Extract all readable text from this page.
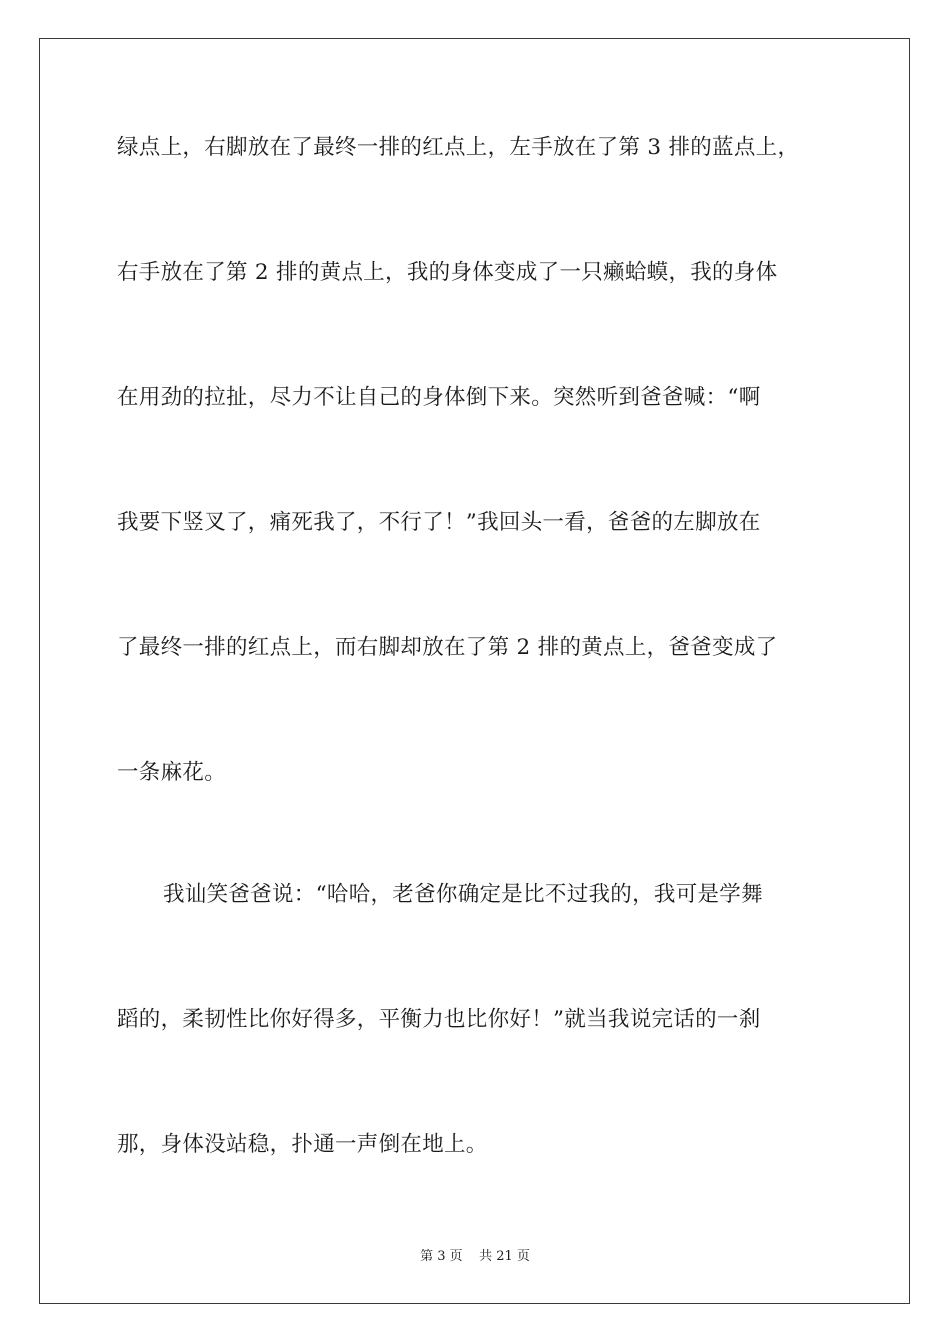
绿点上，右脚放在了最终一排的红点上，左手放在了第 3 排的蓝点上，
右手放在了第 2 排的黄点上，我的身体变成了一只癞蛤蟆，我的身体
在用劲的拉扯，尽力不让自己的身体倒下来。突然听到爸爸喊：“啊
我要下竖叉了，痛死我了，不行了！”我回头一看，爸爸的左脚放在
了最终一排的红点上，而右脚却放在了第 2 排的黄点上，爸爸变成了
一条麻花。
我讪笑爸爸说：“哈哈，老爸你确定是比不过我的，我可是学舞
蹈的，柔韧性比你好得多，平衡力也比你好！”就当我说完话的一刹
那，身体没站稳，扑通一声倒在地上。
第 3 页    共 21 页
